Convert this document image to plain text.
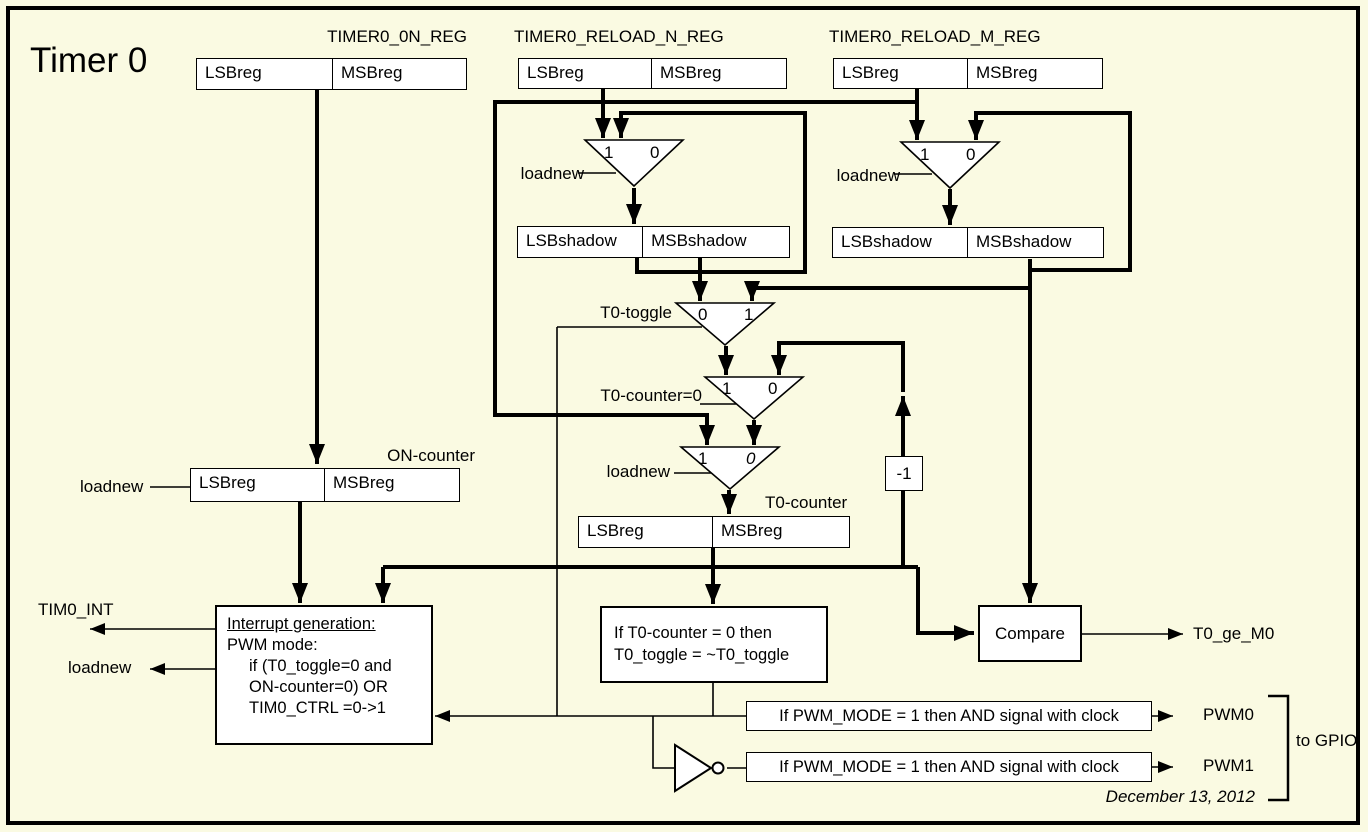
Timer 0
TIMER0_0N_REG
LSBreg	MSBreg
TIMER0_RELOAD_N_REG
LSBreg	MSBreg
TIMER0_RELOAD_M_REG
LSBreg	MSBreg
1 0
loadnew
1 0
loadnew
LSBshadow	MSBshadow	LSBshadow	MSBshadow
0 1
T0-toggle
1 0
T0-counter=0
1 0
loadnew
ON-counter
loadnew	LSBreg	MSBreg
T0-counter
LSBreg	MSBreg
-1
Compare	T0_ge_M0
Interrupt generation:
PWM mode:
if (T0_toggle=0 and
ON-counter=0) OR
TIM0_CTRL =0->1
TIM0_INT
loadnew
If T0-counter = 0 then
T0_toggle = ~T0_toggle
If PWM_MODE = 1 then AND signal with clock
If PWM_MODE = 1 then AND signal with clock
PWM0
PWM1
to GPIO
December 13, 2012
